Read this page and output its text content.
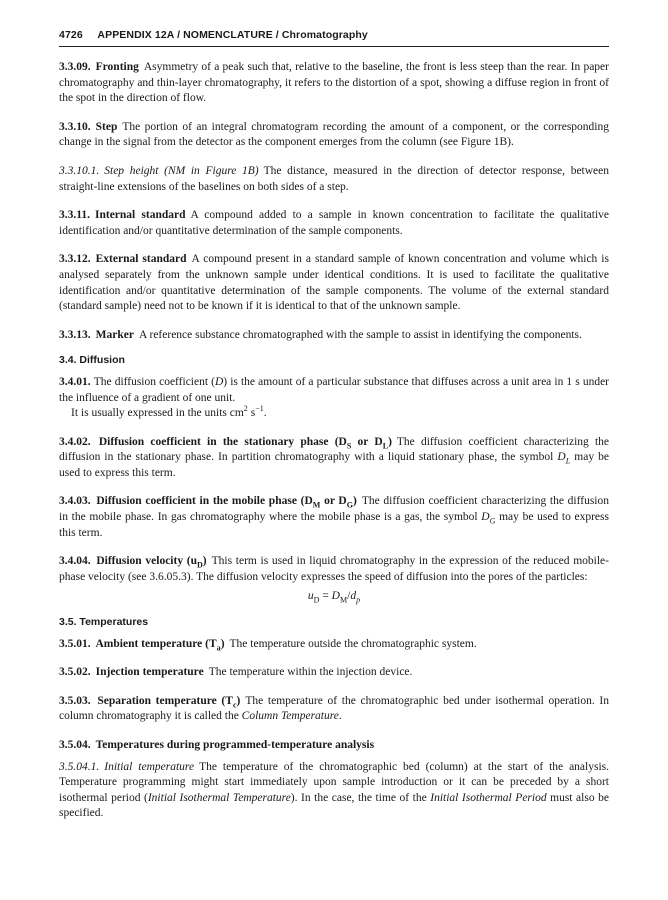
4726 APPENDIX 12A / NOMENCLATURE / Chromatography

3.3.09. Fronting Asymmetry of a peak such that, relative to the baseline, the front is less steep than the rear. In paper chromatography and thin-layer chromatography, it refers to the distortion of a spot, showing a diffuse region in front of the spot in the direction of flow.

3.3.10. Step The portion of an integral chromatogram recording the amount of a component, or the corresponding change in the signal from the detector as the component emerges from the column (see Figure 1B).

3.3.10.1. Step height (NM in Figure 1B) The distance, measured in the direction of detector response, between straight-line extensions of the baselines on both sides of a step.

3.3.11. Internal standard A compound added to a sample in known concentration to facilitate the qualitative identification and/or quantitative determination of the sample components.

3.3.12. External standard A compound present in a standard sample of known concentration and volume which is analysed separately from the unknown sample under identical conditions. It is used to facilitate the qualitative identification and/or quantitative determination of the sample components. The volume of the external standard (standard sample) need not to be known if it is identical to that of the unknown sample.

3.3.13. Marker A reference substance chromatographed with the sample to assist in identifying the components.

3.4. Diffusion

3.4.01. The diffusion coefficient (D) is the amount of a particular substance that diffuses across a unit area in 1 s under the influence of a gradient of one unit.

It is usually expressed in the units $cm^2$ $s^{-1}$.

3.4.02. Diffusion coefficient in the stationary phase ($D_S$ or $D_L$) The diffusion coefficient characterizing the diffusion in the stationary phase. In partition chromatography with a liquid stationary phase, the symbol $D_L$ may be used to express this term.

3.4.03. Diffusion coefficient in the mobile phase ($D_M$ or $D_G$) The diffusion coefficient characterizing the diffusion in the mobile phase. In gas chromatography where the mobile phase is a gas, the symbol $D_G$ may be used to express this term.

3.4.04. Diffusion velocity $(u_D)$ This term is used in liquid chromatography in the expression of the reduced mobile-phase velocity (see 3.6.05.3). The diffusion velocity expresses the speed of diffusion into the pores of the particles:

$u_D = D_M/d_p$

3.5. Temperatures

3.5.01. Ambient temperature $(T_a)$ The temperature outside the chromatographic system.

3.5.02. Injection temperature The temperature within the injection device.

3.5.03. Separation temperature $(T_c)$ The temperature of the chromatographic bed under isothermal operation. In column chromatography it is called the Column Temperature.

3.5.04. Temperatures during programmed-temperature analysis

3.5.04.1. Initial temperature The temperature of the chromatographic bed (column) at the start of the analysis. Temperature programming might start immediately upon sample introduction or it can be preceded by a short isothermal period (Initial Isothermal Temperature). In the case, the time of the Initial Isothermal Period must also be specified.
